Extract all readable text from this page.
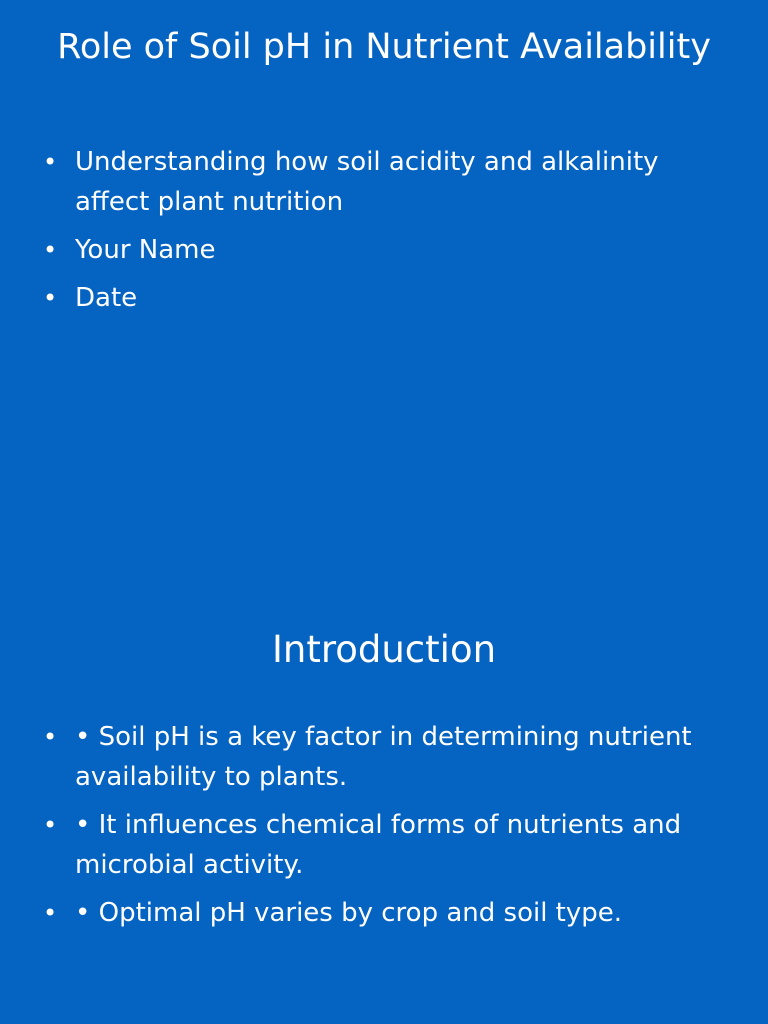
Role of Soil pH in Nutrient Availability
• Understanding how soil acidity and alkalinity affect plant nutrition
• Your Name
• Date
Introduction
• • Soil pH is a key factor in determining nutrient availability to plants.
• • It influences chemical forms of nutrients and microbial activity.
• • Optimal pH varies by crop and soil type.
